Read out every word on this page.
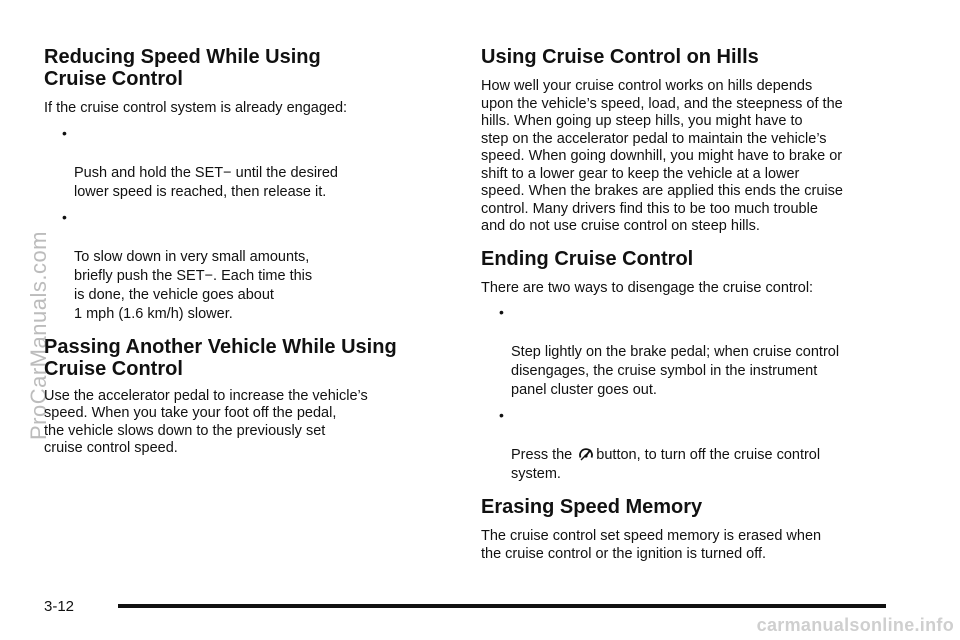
ProCarManuals.com
Reducing Speed While Using
Cruise Control

If the cruise control system is already engaged:

•

Push and hold the SET− until the desired
lower speed is reached, then release it.

•

To slow down in very small amounts,
briefly push the SET−. Each time this
is done, the vehicle goes about
1 mph (1.6 km/h) slower.

Passing Another Vehicle While Using
Cruise Control

Use the accelerator pedal to increase the vehicle’s
speed. When you take your foot off the pedal,
the vehicle slows down to the previously set
cruise control speed.

Using Cruise Control on Hills

How well your cruise control works on hills depends
upon the vehicle’s speed, load, and the steepness of the
hills. When going up steep hills, you might have to
step on the accelerator pedal to maintain the vehicle’s
speed. When going downhill, you might have to brake or
shift to a lower gear to keep the vehicle at a lower
speed. When the brakes are applied this ends the cruise
control. Many drivers find this to be too much trouble
and do not use cruise control on steep hills.

Ending Cruise Control

There are two ways to disengage the cruise control:

•

Step lightly on the brake pedal; when cruise control
disengages, the cruise symbol in the instrument
panel cluster goes out.

•

Press the button, to turn off the cruise control
system.

Erasing Speed Memory

The cruise control set speed memory is erased when
the cruise control or the ignition is turned off.

3-12
carmanualsonline.info
